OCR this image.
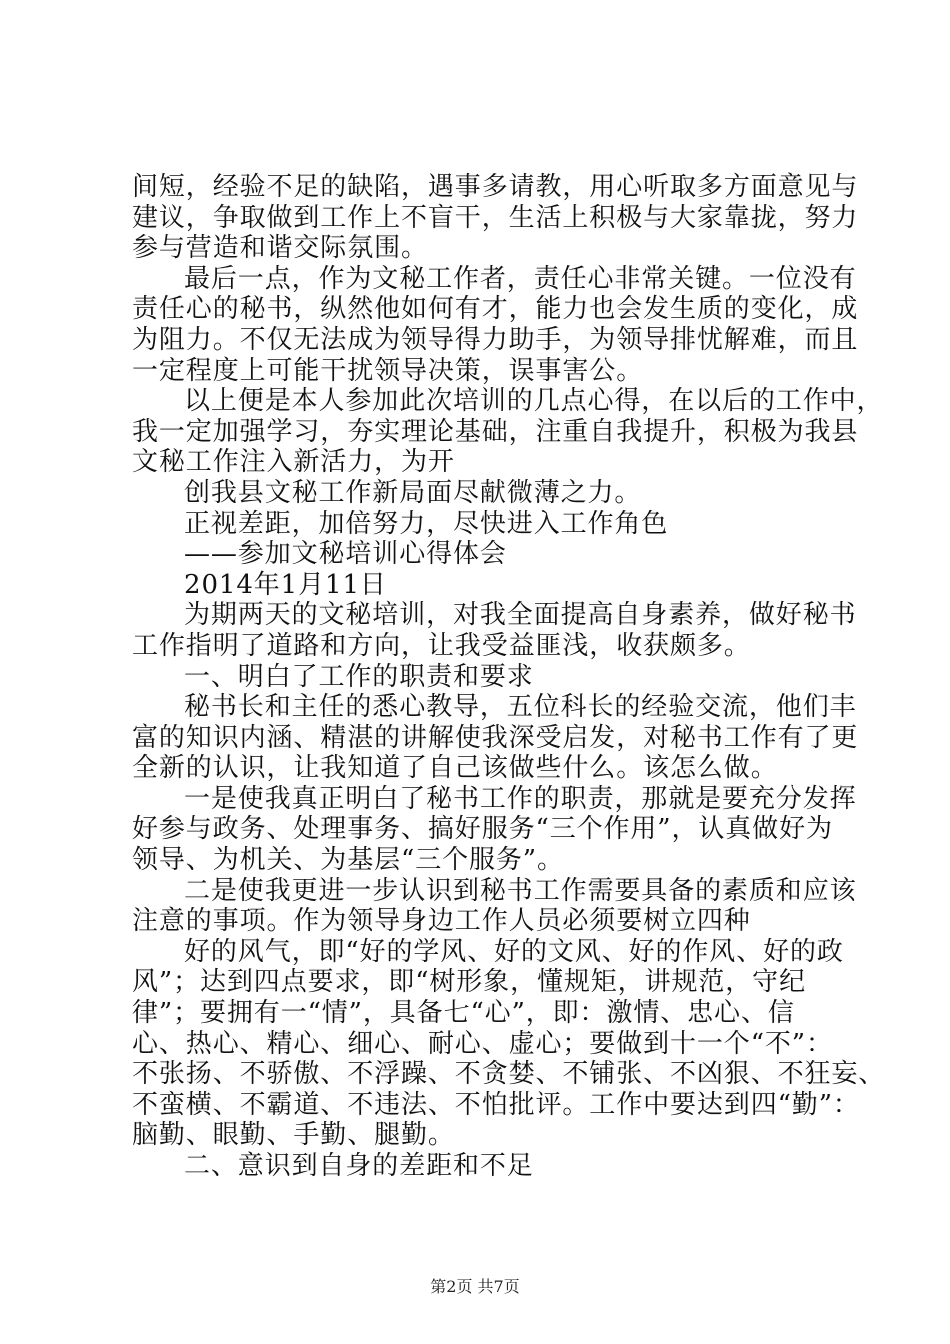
间短，经验不足的缺陷，遇事多请教，用心听取多方面意见与
建议，争取做到工作上不盲干，生活上积极与大家靠拢，努力
参与营造和谐交际氛围。
最后一点，作为文秘工作者，责任心非常关键。一位没有
责任心的秘书，纵然他如何有才，能力也会发生质的变化，成
为阻力。不仅无法成为领导得力助手，为领导排忧解难，而且
一定程度上可能干扰领导决策，误事害公。
以上便是本人参加此次培训的几点心得，在以后的工作中，
我一定加强学习，夯实理论基础，注重自我提升，积极为我县
文秘工作注入新活力，为开
创我县文秘工作新局面尽献微薄之力。
正视差距，加倍努力，尽快进入工作角色
——参加文秘培训心得体会
2014年1月11日
为期两天的文秘培训，对我全面提高自身素养，做好秘书
工作指明了道路和方向，让我受益匪浅，收获颇多。
一、明白了工作的职责和要求
秘书长和主任的悉心教导，五位科长的经验交流，他们丰
富的知识内涵、精湛的讲解使我深受启发，对秘书工作有了更
全新的认识，让我知道了自己该做些什么。该怎么做。
一是使我真正明白了秘书工作的职责，那就是要充分发挥
好参与政务、处理事务、搞好服务“三个作用”，认真做好为
领导、为机关、为基层“三个服务”。
二是使我更进一步认识到秘书工作需要具备的素质和应该
注意的事项。作为领导身边工作人员必须要树立四种
好的风气，即“好的学风、好的文风、好的作风、好的政
风”；达到四点要求，即“树形象，懂规矩，讲规范，守纪
律”；要拥有一“情”，具备七“心”，即：激情、忠心、信
心、热心、精心、细心、耐心、虚心；要做到十一个“不”：
不张扬、不骄傲、不浮躁、不贪婪、不铺张、不凶狠、不狂妄、
不蛮横、不霸道、不违法、不怕批评。工作中要达到四“勤”：
脑勤、眼勤、手勤、腿勤。
二、意识到自身的差距和不足
第2页 共7页
